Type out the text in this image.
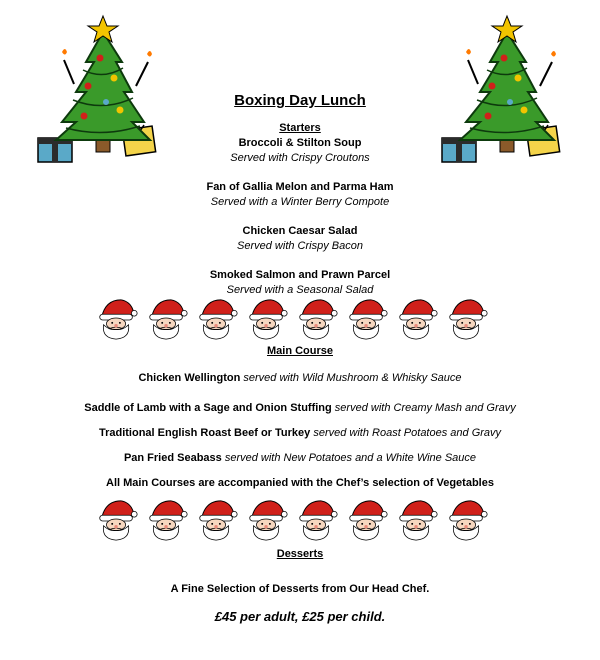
Boxing Day Lunch
Starters
Broccoli & Stilton Soup
Served with Crispy Croutons
Fan of Gallia Melon and Parma Ham
Served with a Winter Berry Compote
Chicken Caesar Salad
Served with Crispy Bacon
Smoked Salmon and Prawn Parcel
Served with a Seasonal Salad
Main Course
Chicken Wellington served with Wild Mushroom & Whisky Sauce
Saddle of Lamb with a Sage and Onion Stuffing served with Creamy Mash and Gravy
Traditional English Roast Beef or Turkey served with Roast Potatoes and Gravy
Pan Fried Seabass served with New Potatoes and a White Wine Sauce
All Main Courses are accompanied with the Chef’s selection of Vegetables
Desserts
A Fine Selection of Desserts from Our Head Chef.
£45 per adult, £25 per child.
